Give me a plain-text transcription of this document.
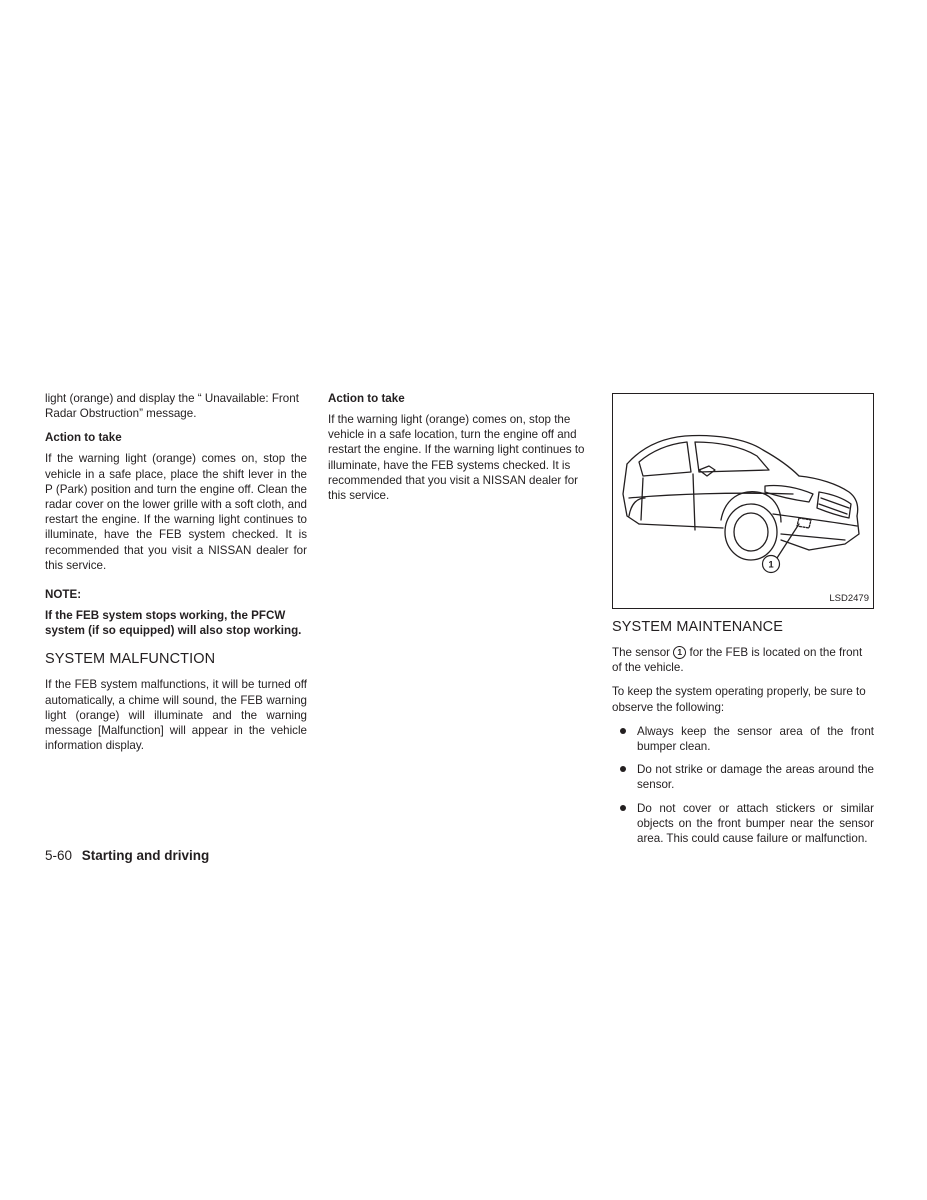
light (orange) and display the “ Unavailable: Front Radar Obstruction” message.

Action to take

If the warning light (orange) comes on, stop the vehicle in a safe place, place the shift lever in the P (Park) position and turn the engine off. Clean the radar cover on the lower grille with a soft cloth, and restart the engine. If the warning light continues to illuminate, have the FEB system checked. It is recommended that you visit a NISSAN dealer for this service.

NOTE:

If the FEB system stops working, the PFCW system (if so equipped) will also stop working.

SYSTEM MALFUNCTION

If the FEB system malfunctions, it will be turned off automatically, a chime will sound, the FEB warning light (orange) will illuminate and the warning message [Malfunction] will appear in the vehicle information display.

Action to take

If the warning light (orange) comes on, stop the vehicle in a safe location, turn the engine off and restart the engine. If the warning light continues to illuminate, have the FEB systems checked. It is recommended that you visit a NISSAN dealer for this service.

1
LSD2479
SYSTEM MAINTENANCE

The sensor 1 for the FEB is located on the front of the vehicle.

To keep the system operating properly, be sure to observe the following:

Always keep the sensor area of the front bumper clean.
Do not strike or damage the areas around the sensor.
Do not cover or attach stickers or similar objects on the front bumper near the sensor area. This could cause failure or malfunction.
5-60 Starting and driving
